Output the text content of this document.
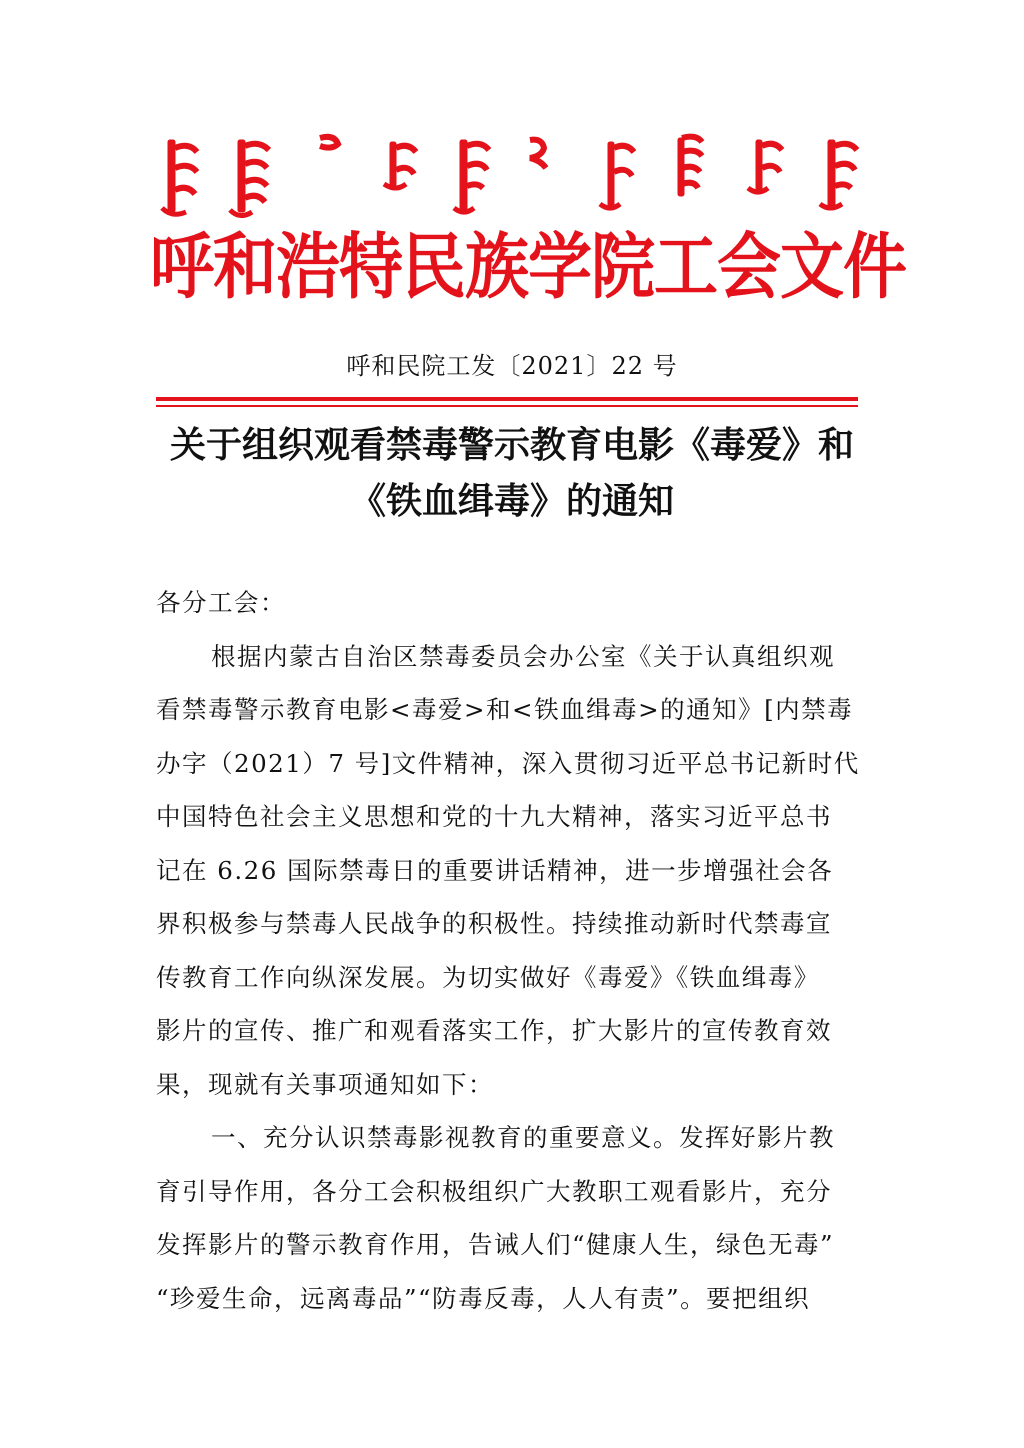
呼和浩特民族学院工会文件
呼和民院工发〔2021〕22 号
关于组织观看禁毒警示教育电影《毒爱》和
《铁血缉毒》的通知
各分工会：
根据内蒙古自治区禁毒委员会办公室《关于认真组织观
看禁毒警示教育电影<毒爱>和<铁血缉毒>的通知》[内禁毒
办字（2021）7 号]文件精神，深入贯彻习近平总书记新时代
中国特色社会主义思想和党的十九大精神，落实习近平总书
记在 6.26 国际禁毒日的重要讲话精神，进一步增强社会各
界积极参与禁毒人民战争的积极性。持续推动新时代禁毒宣
传教育工作向纵深发展。为切实做好《毒爱》《铁血缉毒》
影片的宣传、推广和观看落实工作，扩大影片的宣传教育效
果，现就有关事项通知如下：
一、充分认识禁毒影视教育的重要意义。发挥好影片教
育引导作用，各分工会积极组织广大教职工观看影片，充分
发挥影片的警示教育作用，告诫人们“健康人生，绿色无毒”
“珍爱生命，远离毒品”“防毒反毒，人人有责”。要把组织
